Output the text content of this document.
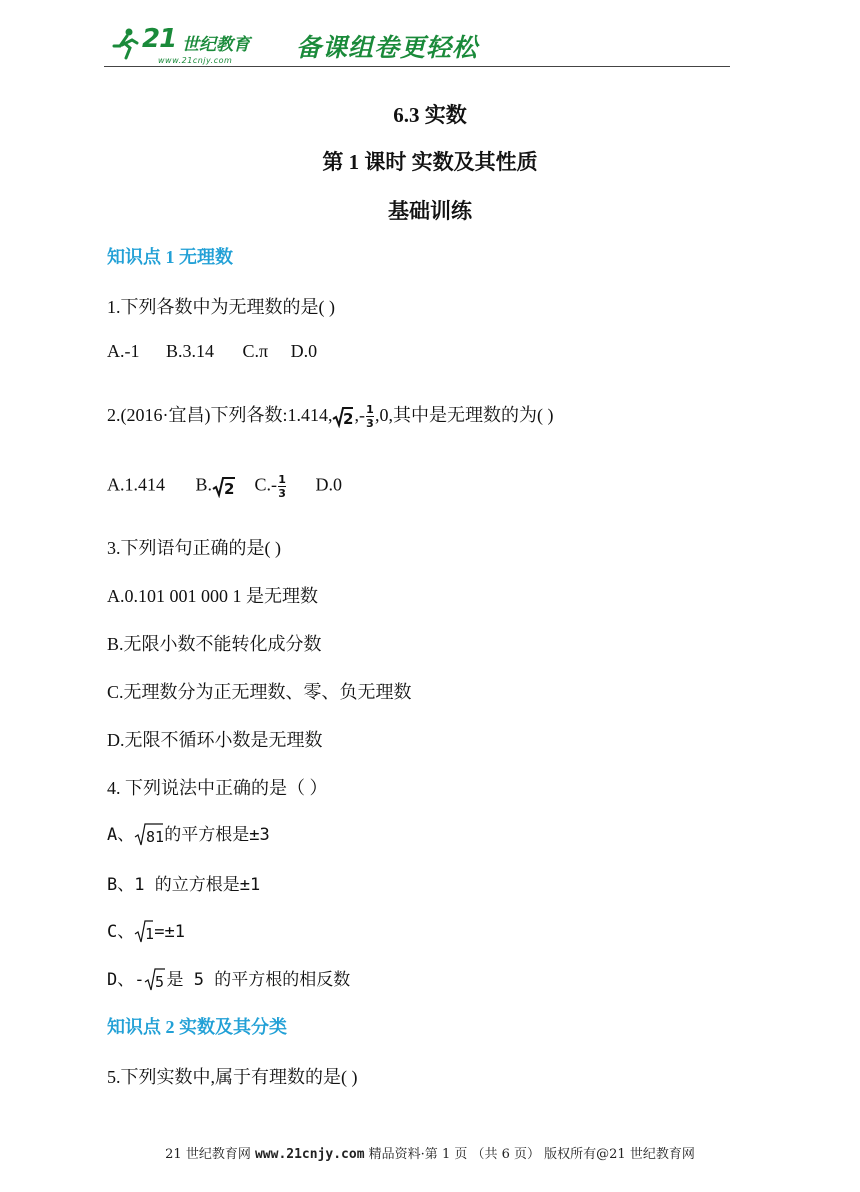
21 世纪教育
www.21cnjy.com	备课组卷更轻松
6.3 实数
第 1 课时 实数及其性质
基础训练
知识点 1 无理数
1.下列各数中为无理数的是( )
A.-1 B.3.14 C.π D.0
2.(2016·宜昌)下列各数:1.414, 2 ,- $\frac{1}{3} ,0$,其中是无理数的为( )
A.1.414 B. 2 $C.- \frac{1}{3} D.0$
3.下列语句正确的是( )
A.0.101 001 000 1 是无理数
B.无限小数不能转化成分数
C.无理数分为正无理数、零、负无理数
D.无限不循环小数是无理数
4. 下列说法中正确的是（ ）
A、 81 的平方根是±3
B、1 的立方根是±1
C、 1 =±1
D、- 5 是 5 的平方根的相反数
知识点 2 实数及其分类
5.下列实数中,属于有理数的是( )
21 世纪教育网 www.21cnjy.com 精品资料·第 1 页 （共 6 页） 版权所有@21 世纪教育网
